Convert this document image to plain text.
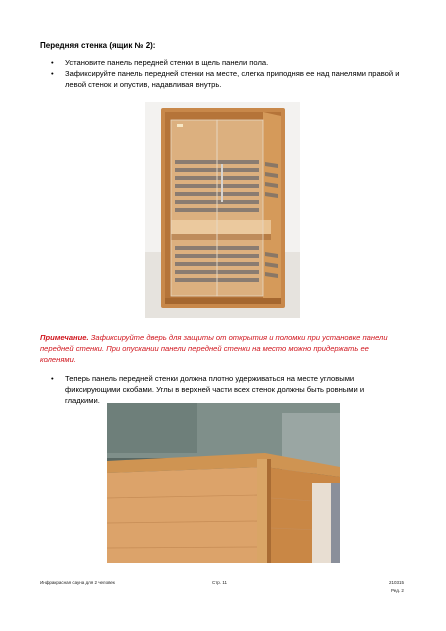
Передняя стенка (ящик № 2):
• Установите панель передней стенки в щель панели пола.
• Зафиксируйте панель передней стенки на месте, слегка приподняв ее над панелями правой и левой стенок и опустив, надавливая внутрь.
Примечание. Зафиксируйте дверь для защиты от открытия и поломки при установке панели передней стенки. При опускании панели передней стенки на место можно придержать ее коленями.
• Теперь панель передней стенки должна плотно удерживаться на месте угловыми фиксирующими скобами. Углы в верхней части всех стенок должны быть ровными и гладкими.
Инфракрасная сауна для 2 человек	Стр. 11	210315
Ред. 2
